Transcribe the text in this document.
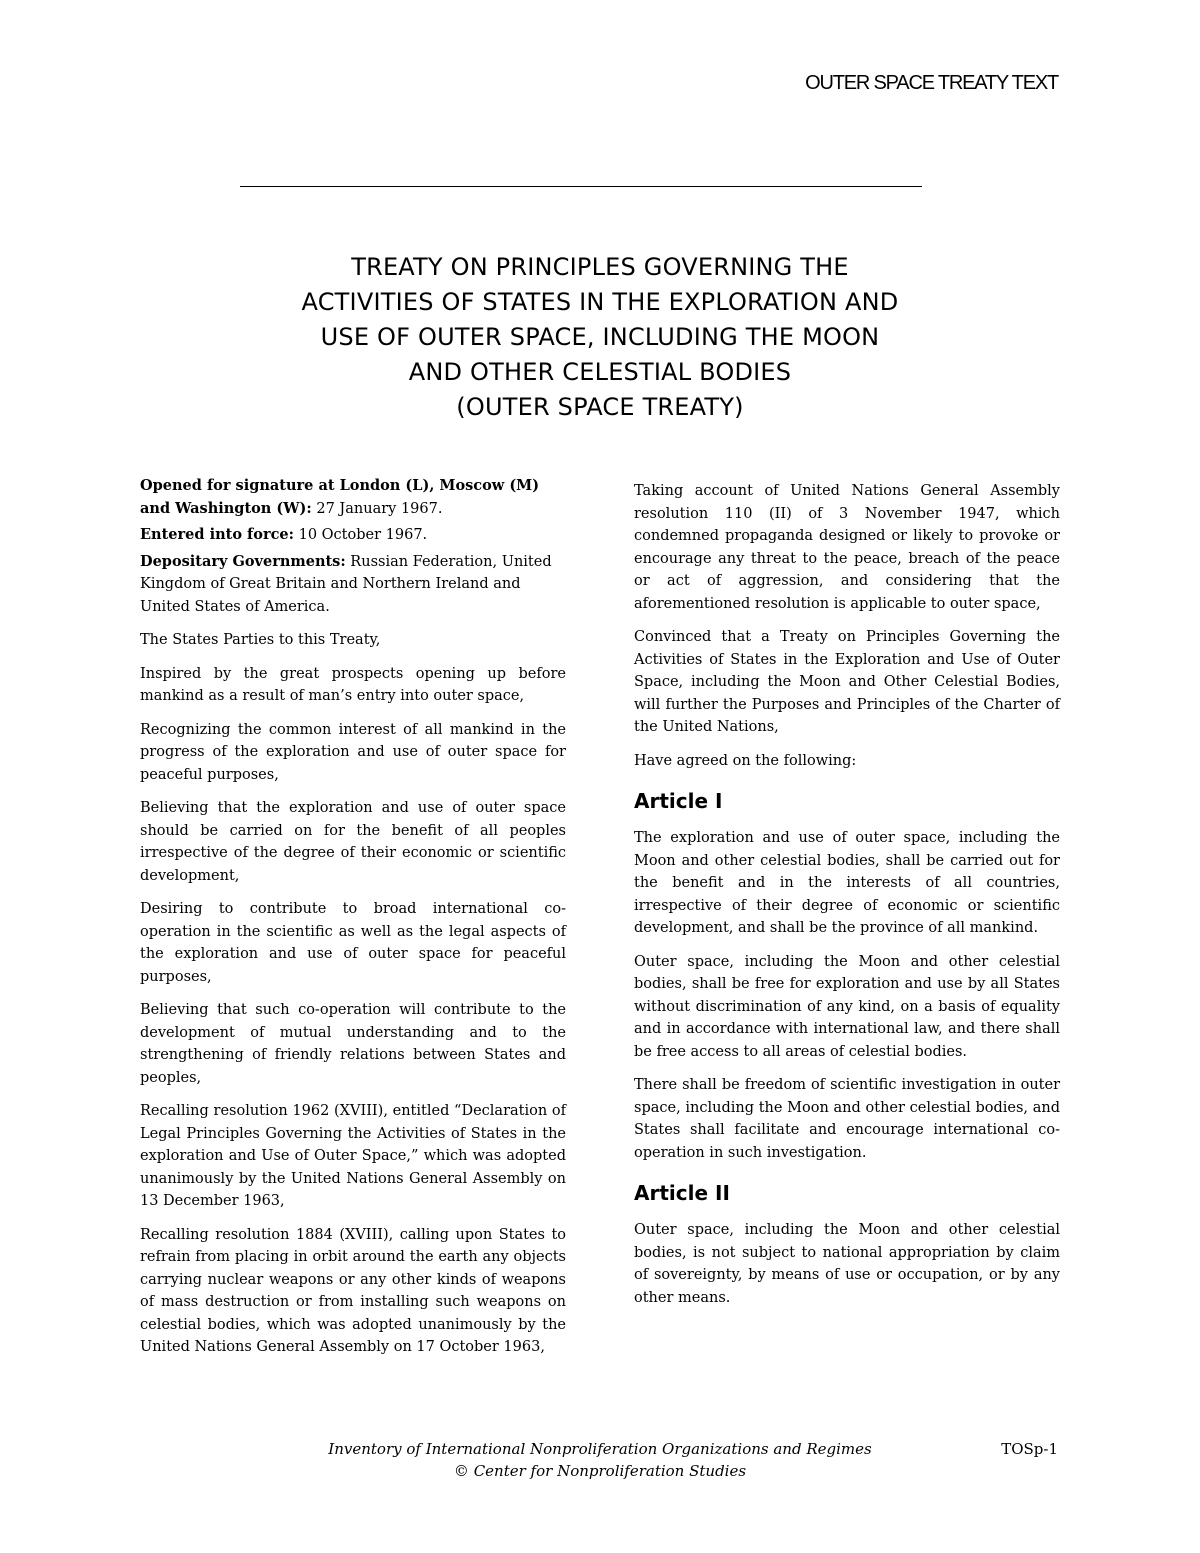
OUTER SPACE TREATY TEXT
TREATY ON PRINCIPLES GOVERNING THE
ACTIVITIES OF STATES IN THE EXPLORATION AND
USE OF OUTER SPACE, INCLUDING THE MOON
AND OTHER CELESTIAL BODIES
(OUTER SPACE TREATY)

Opened for signature at London (L), Moscow (M) and Washington (W): 27 January 1967.

Entered into force: 10 October 1967.

Depositary Governments: Russian Federation, United Kingdom of Great Britain and Northern Ireland and United States of America.

The States Parties to this Treaty,

Inspired by the great prospects opening up before mankind as a result of man’s entry into outer space,

Recognizing the common interest of all mankind in the progress of the exploration and use of outer space for peaceful purposes,

Believing that the exploration and use of outer space should be carried on for the benefit of all peoples irrespective of the degree of their economic or scientific development,

Desiring to contribute to broad international co-operation in the scientific as well as the legal aspects of the exploration and use of outer space for peaceful purposes,

Believing that such co-operation will contribute to the development of mutual understanding and to the strengthening of friendly relations between States and peoples,

Recalling resolution 1962 (XVIII), entitled “Declaration of Legal Principles Governing the Activities of States in the exploration and Use of Outer Space,” which was adopted unanimously by the United Nations General Assembly on 13 December 1963,

Recalling resolution 1884 (XVIII), calling upon States to refrain from placing in orbit around the earth any objects carrying nuclear weapons or any other kinds of weapons of mass destruction or from installing such weapons on celestial bodies, which was adopted unanimously by the United Nations General Assembly on 17 October 1963,

Taking account of United Nations General Assembly resolution 110 (II) of 3 November 1947, which condemned propaganda designed or likely to provoke or encourage any threat to the peace, breach of the peace or act of aggression, and considering that the aforementioned resolution is applicable to outer space,

Convinced that a Treaty on Principles Governing the Activities of States in the Exploration and Use of Outer Space, including the Moon and Other Celestial Bodies, will further the Purposes and Principles of the Charter of the United Nations,

Have agreed on the following:

Article I

The exploration and use of outer space, including the Moon and other celestial bodies, shall be carried out for the benefit and in the interests of all countries, irrespective of their degree of economic or scientific development, and shall be the province of all mankind.

Outer space, including the Moon and other celestial bodies, shall be free for exploration and use by all States without discrimination of any kind, on a basis of equality and in accordance with international law, and there shall be free access to all areas of celestial bodies.

There shall be freedom of scientific investigation in outer space, including the Moon and other celestial bodies, and States shall facilitate and encourage international co-operation in such investigation.

Article II

Outer space, including the Moon and other celestial bodies, is not subject to national appropriation by claim of sovereignty, by means of use or occupation, or by any other means.

Inventory of International Nonproliferation Organizations and Regimes
© Center for Nonproliferation Studies
TOSp-1
